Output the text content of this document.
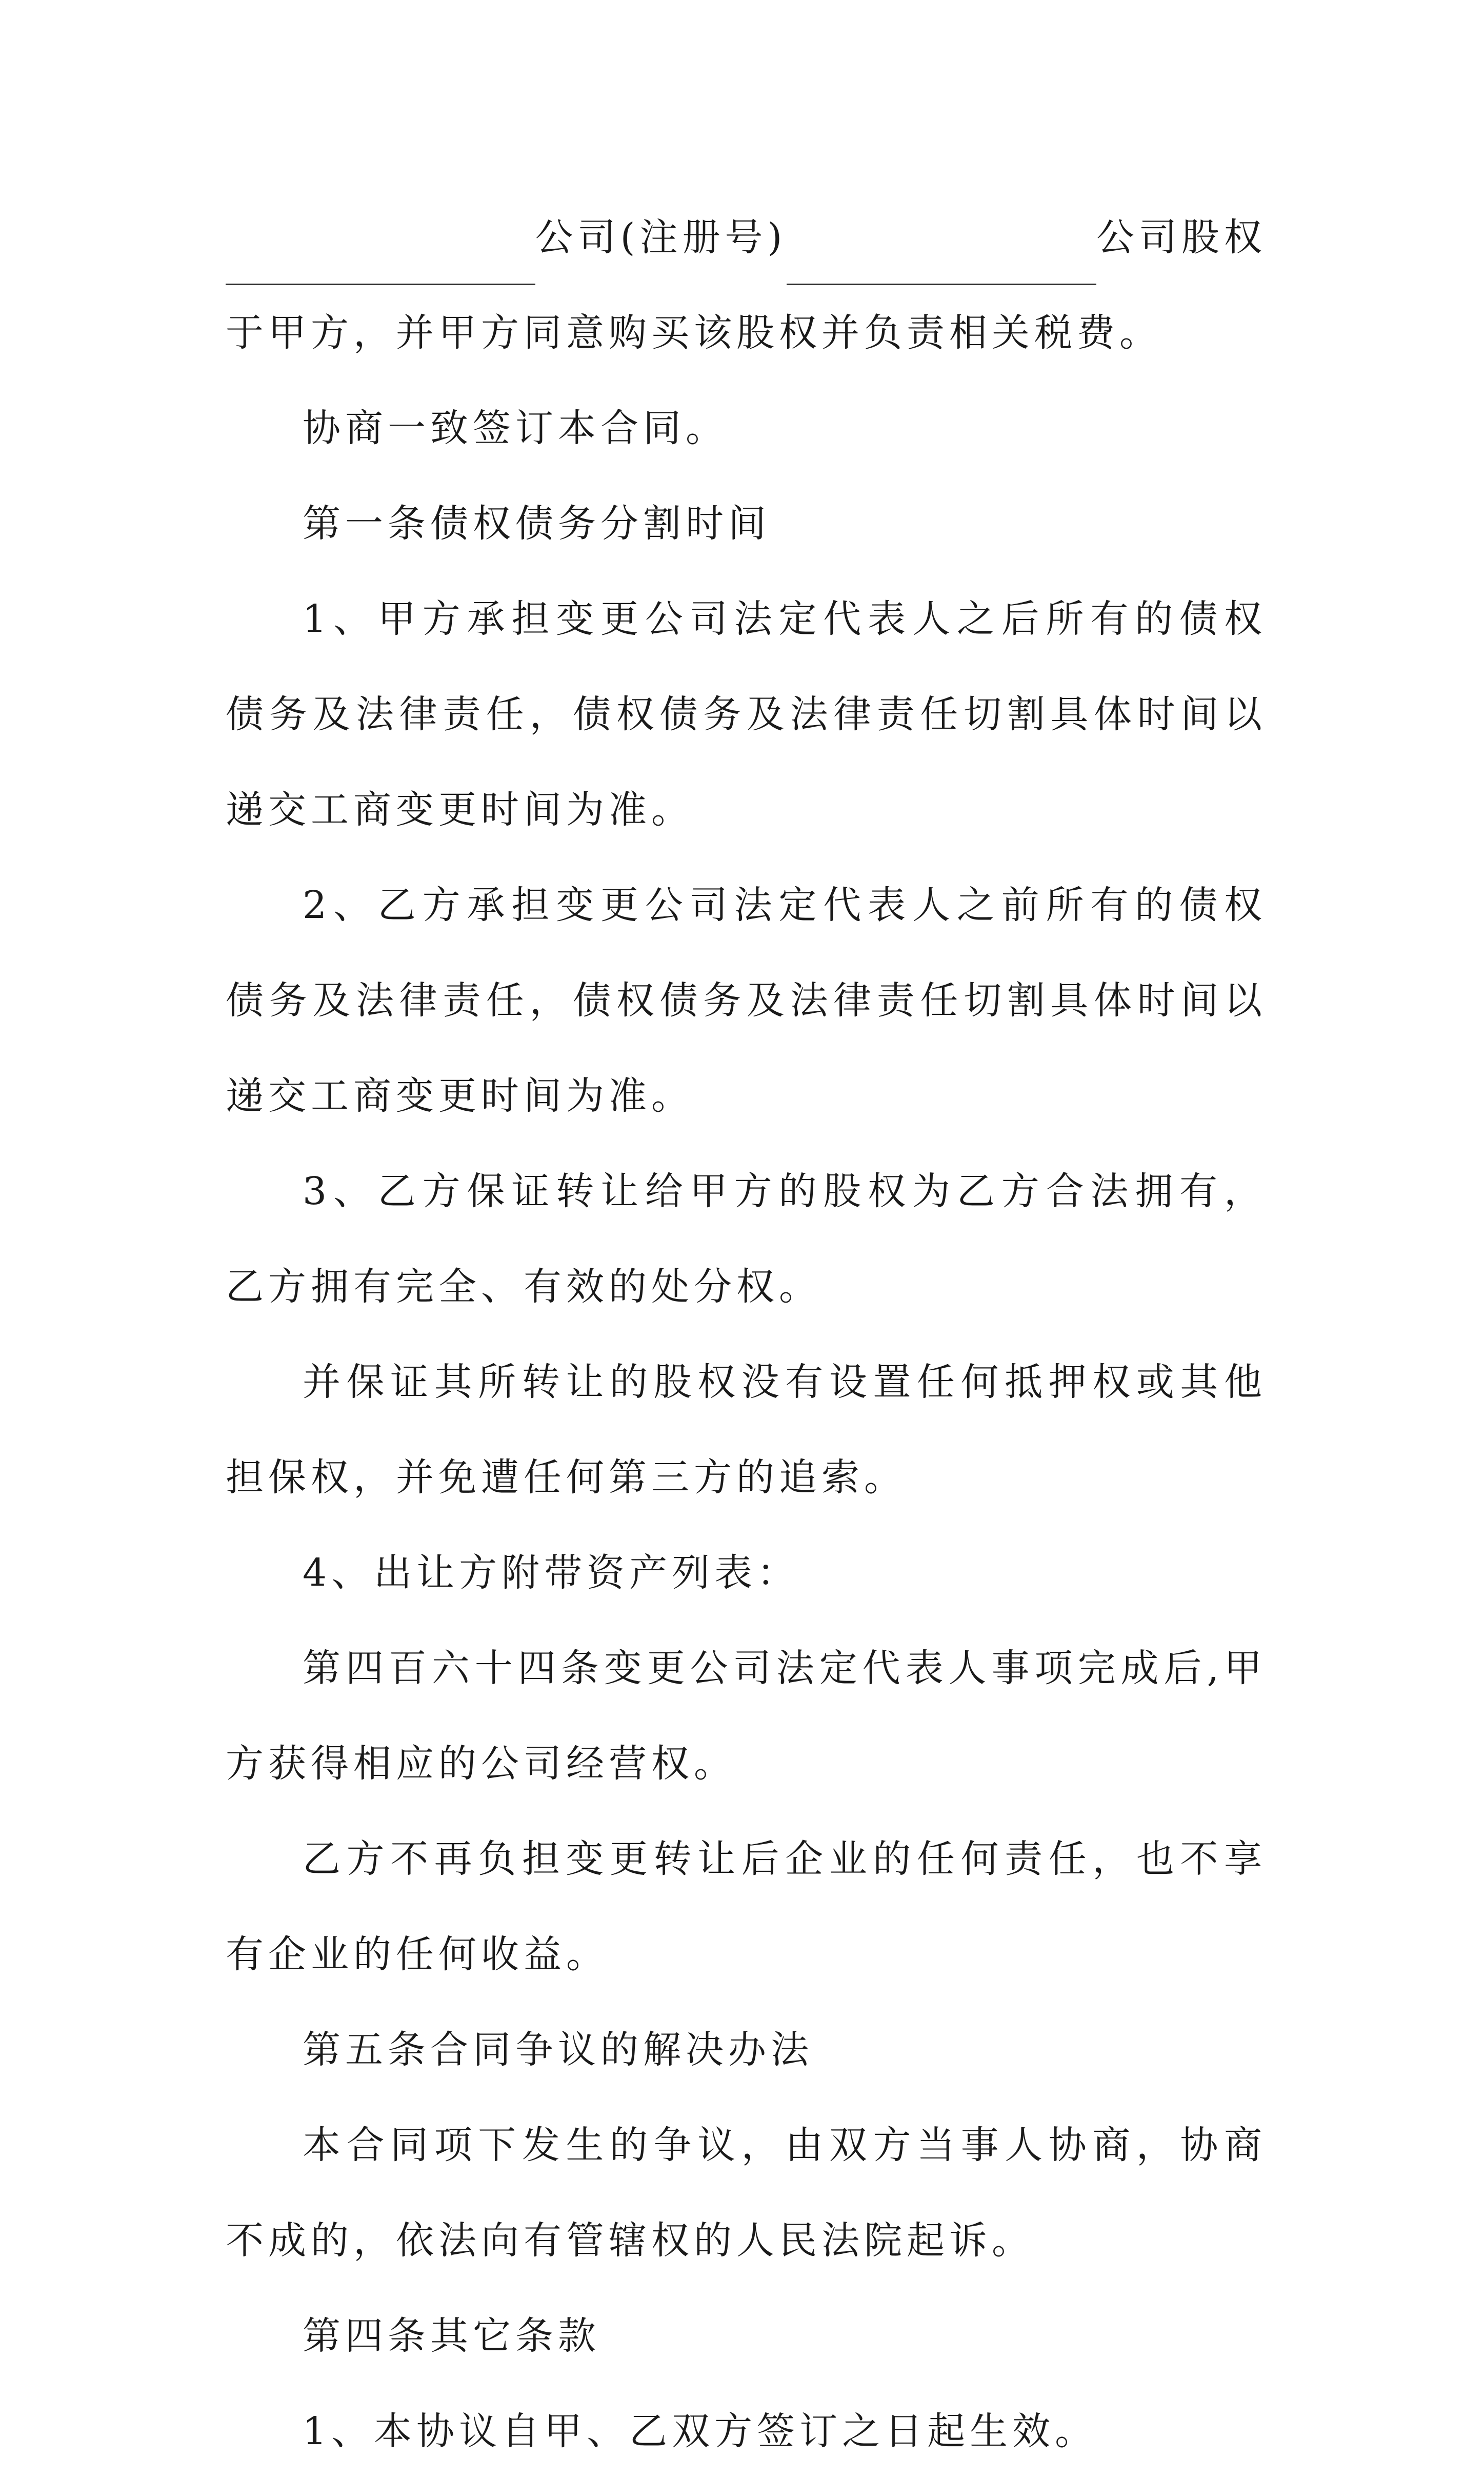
公司(注册号)	公司股权

于甲方，并甲方同意购买该股权并负责相关税费。

协商一致签订本合同。

第一条债权债务分割时间

1、甲方承担变更公司法定代表人之后所有的债权债务及法律责任，债权债务及法律责任切割具体时间以递交工商变更时间为准。

2、乙方承担变更公司法定代表人之前所有的债权债务及法律责任，债权债务及法律责任切割具体时间以递交工商变更时间为准。

3、乙方保证转让给甲方的股权为乙方合法拥有，乙方拥有完全、有效的处分权。

并保证其所转让的股权没有设置任何抵押权或其他担保权，并免遭任何第三方的追索。

4、出让方附带资产列表：

第四百六十四条变更公司法定代表人事项完成后,甲方获得相应的公司经营权。

乙方不再负担变更转让后企业的任何责任，也不享有企业的任何收益。

第五条合同争议的解决办法

本合同项下发生的争议，由双方当事人协商，协商不成的，依法向有管辖权的人民法院起诉。

第四条其它条款

1、本协议自甲、乙双方签订之日起生效。
